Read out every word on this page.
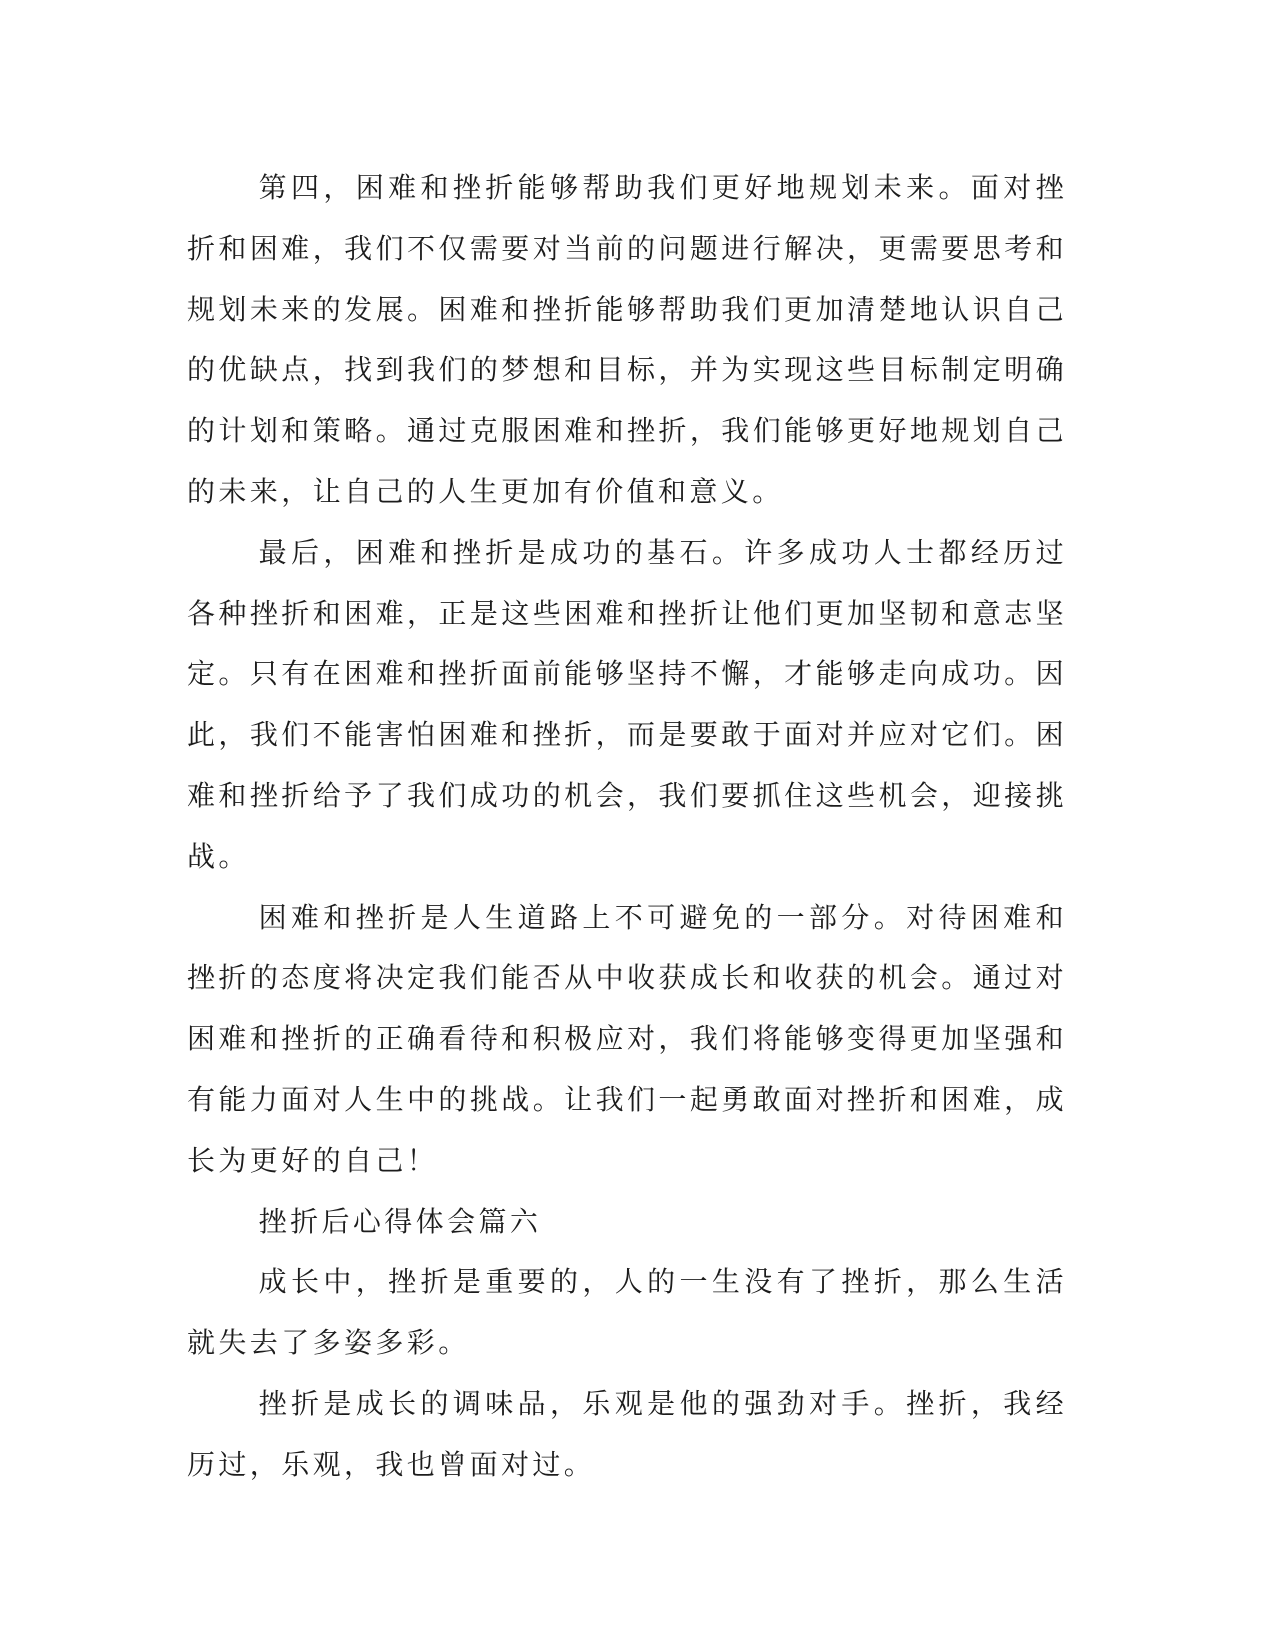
第四，困难和挫折能够帮助我们更好地规划未来。面对挫折和困难，我们不仅需要对当前的问题进行解决，更需要思考和规划未来的发展。困难和挫折能够帮助我们更加清楚地认识自己的优缺点，找到我们的梦想和目标，并为实现这些目标制定明确的计划和策略。通过克服困难和挫折，我们能够更好地规划自己的未来，让自己的人生更加有价值和意义。

最后，困难和挫折是成功的基石。许多成功人士都经历过各种挫折和困难，正是这些困难和挫折让他们更加坚韧和意志坚定。只有在困难和挫折面前能够坚持不懈，才能够走向成功。因此，我们不能害怕困难和挫折，而是要敢于面对并应对它们。困难和挫折给予了我们成功的机会，我们要抓住这些机会，迎接挑战。

困难和挫折是人生道路上不可避免的一部分。对待困难和挫折的态度将决定我们能否从中收获成长和收获的机会。通过对困难和挫折的正确看待和积极应对，我们将能够变得更加坚强和有能力面对人生中的挑战。让我们一起勇敢面对挫折和困难，成长为更好的自己！

挫折后心得体会篇六

成长中，挫折是重要的，人的一生没有了挫折，那么生活就失去了多姿多彩。

挫折是成长的调味品，乐观是他的强劲对手。挫折，我经历过，乐观，我也曾面对过。
